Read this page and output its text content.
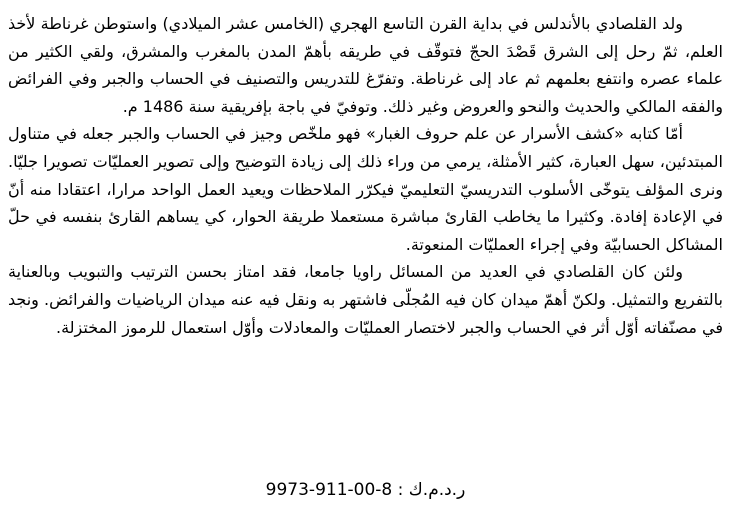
ولد القلصادي بالأندلس في بداية القرن التاسع الهجري (الخامس عشر الميلادي) واستوطن غرناطة لأخذ العلم، ثمّ رحل إلى الشرق قَصْدَ الحجّ فتوقّف في طريقه بأهمّ المدن بالمغرب والمشرق، ولقي الكثير من علماء عصره وانتفع بعلمهم ثم عاد إلى غرناطة. وتفرّغ للتدريس والتصنيف في الحساب والجبر وفي الفرائض والفقه المالكي والحديث والنحو والعروض وغير ذلك. وتوفيّ في باجة بإفريقية سنة 1486 م.

أمّا كتابه «كشف الأسرار عن علم حروف الغبار» فهو ملخّص وجيز في الحساب والجبر جعله في متناول المبتدئين، سهل العبارة، كثير الأمثلة، يرمي من وراء ذلك إلى زيادة التوضيح وإلى تصوير العمليّات تصويرا جليّا. ونرى المؤلف يتوخّى الأسلوب التدريسيّ التعليميّ فيكرّر الملاحظات ويعيد العمل الواحد مرارا، اعتقادا منه أنّ في الإعادة إفادة. وكثيرا ما يخاطب القارئ مباشرة مستعملا طريقة الحوار، كي يساهم القارئ بنفسه في حلّ المشاكل الحسابيّة وفي إجراء العمليّات المنعوتة.

ولئن كان القلصادي في العديد من المسائل راويا جامعا، فقد امتاز بحسن الترتيب والتبويب وبالعناية بالتفريع والتمثيل. ولكنّ أهمّ ميدان كان فيه المُجلّى فاشتهر به ونقل فيه عنه ميدان الرياضيات والفرائض. ونجد في مصنّفاته أوّل أثر في الحساب والجبر لاختصار العمليّات والمعادلات وأوّل استعمال للرموز المختزلة.

ر.د.م.ك : 9973-911-00-8
